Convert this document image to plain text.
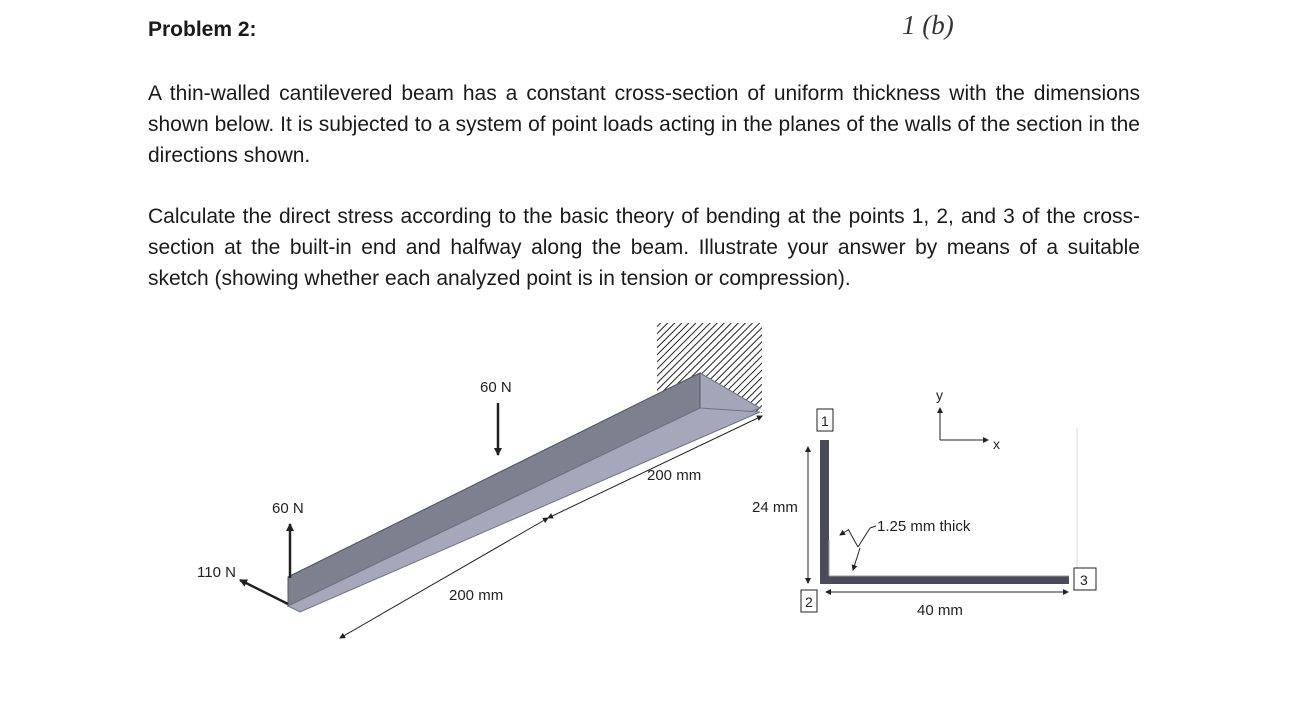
Problem 2:	1 (b)

A thin-walled cantilevered beam has a constant cross-section of uniform thickness with the dimensions shown below. It is subjected to a system of point loads acting in the planes of the walls of the section in the directions shown.

Calculate the direct stress according to the basic theory of bending at the points 1, 2, and 3 of the cross-section at the built-in end and halfway along the beam. Illustrate your answer by means of a suitable sketch (showing whether each analyzed point is in tension or compression).

60 N
60 N
110 N
200 mm
200 mm
y
x
1
2
3
24 mm
40 mm
1.25 mm thick
